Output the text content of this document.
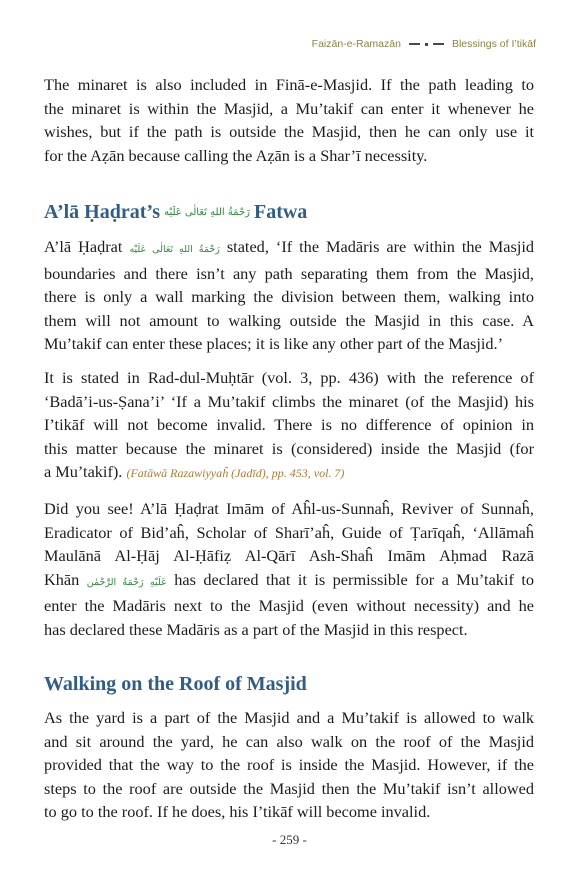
Faizān-e-Ramazān	Blessings of I’tikāf

The minaret is also included in Finā-e-Masjid. If the path leading to
the minaret is within the Masjid, a Mu’takif can enter it whenever he
wishes, but if the path is outside the Masjid, then he can only use it
for the Aẓān because calling the Aẓān is a Shar’ī necessity.

A’lā Ḥaḍrat’s رَحْمَةُ اللهِ تَعَالٰی عَلَیْه Fatwa

A’lā Ḥaḍrat رَحْمَةُ اللهِ تَعَالٰی عَلَیْه stated, ‘If the Madāris are within the Masjid
boundaries and there isn’t any path separating them from the Masjid,
there is only a wall marking the division between them, walking into
them will not amount to walking outside the Masjid in this case. A
Mu’takif can enter these places; it is like any other part of the Masjid.’

It is stated in Rad-dul-Muḥtār (vol. 3, pp. 436) with the reference of
‘Badā’i-us-Ṣana’i’ ‘If a Mu’takif climbs the minaret (of the Masjid) his
I’tikāf will not become invalid. There is no difference of opinion in
this matter because the minaret is (considered) inside the Masjid (for
a Mu’takif). (Fatāwā Razawiyyaĥ (Jadīd), pp. 453, vol. 7)

Did you see! A’lā Ḥaḍrat Imām of Aĥl-us-Sunnaĥ, Reviver of Sunnaĥ,
Eradicator of Bid’aĥ, Scholar of Sharī’aĥ, Guide of Ṭarīqaĥ, ‘Allāmaĥ
Maulānā Al-Ḥāj Al-Ḥāfiẓ Al-Qārī Ash-Shaĥ Imām Aḥmad Razā
Khān عَلَیْهِ رَحْمَةُ الرَّحْمٰن has declared that it is permissible for a Mu’takif to
enter the Madāris next to the Masjid (even without necessity) and he
has declared these Madāris as a part of the Masjid in this respect.

Walking on the Roof of Masjid

As the yard is a part of the Masjid and a Mu’takif is allowed to walk
and sit around the yard, he can also walk on the roof of the Masjid
provided that the way to the roof is inside the Masjid. However, if the
steps to the roof are outside the Masjid then the Mu’takif isn’t allowed
to go to the roof. If he does, his I’tikāf will become invalid.

- 259 -
